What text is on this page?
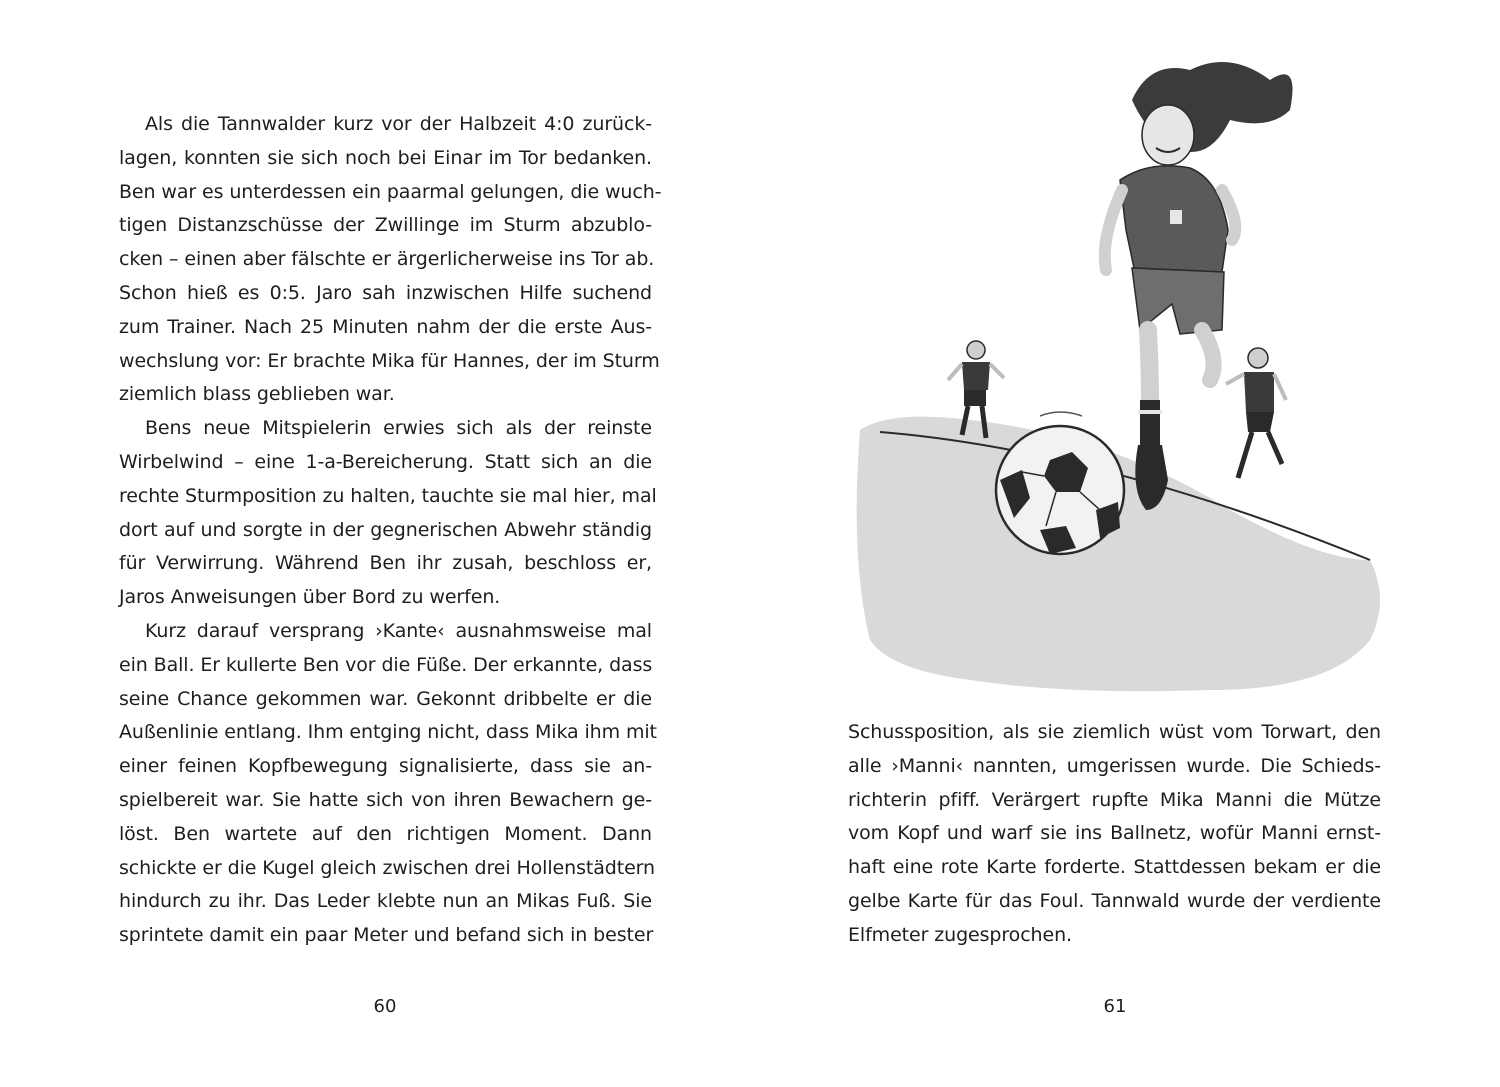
Als die Tannwalder kurz vor der Halbzeit 4:0 zurück-
lagen, konnten sie sich noch bei Einar im Tor bedanken.
Ben war es unterdessen ein paarmal gelungen, die wuch-
tigen Distanzschüsse der Zwillinge im Sturm abzublo-
cken – einen aber fälschte er ärgerlicherweise ins Tor ab.
Schon hieß es 0:5. Jaro sah inzwischen Hilfe suchend
zum Trainer. Nach 25 Minuten nahm der die erste Aus-
wechslung vor: Er brachte Mika für Hannes, der im Sturm
ziemlich blass geblieben war.
Bens neue Mitspielerin erwies sich als der reinste
Wirbelwind – eine 1-a-Bereicherung. Statt sich an die
rechte Sturmposition zu halten, tauchte sie mal hier, mal
dort auf und sorgte in der gegnerischen Abwehr ständig
für Verwirrung. Während Ben ihr zusah, beschloss er,
Jaros Anweisungen über Bord zu werfen.
Kurz darauf versprang ›Kante‹ ausnahmsweise mal
ein Ball. Er kullerte Ben vor die Füße. Der erkannte, dass
seine Chance gekommen war. Gekonnt dribbelte er die
Außenlinie entlang. Ihm entging nicht, dass Mika ihm mit
einer feinen Kopfbewegung signalisierte, dass sie an-
spielbereit war. Sie hatte sich von ihren Bewachern ge-
löst. Ben wartete auf den richtigen Moment. Dann
schickte er die Kugel gleich zwischen drei Hollenstädtern
hindurch zu ihr. Das Leder klebte nun an Mikas Fuß. Sie
sprintete damit ein paar Meter und befand sich in bester
60
Schussposition, als sie ziemlich wüst vom Torwart, den
alle ›Manni‹ nannten, umgerissen wurde. Die Schieds-
richterin pfiff. Verärgert rupfte Mika Manni die Mütze
vom Kopf und warf sie ins Ballnetz, wofür Manni ernst-
haft eine rote Karte forderte. Stattdessen bekam er die
gelbe Karte für das Foul. Tannwald wurde der verdiente
Elfmeter zugesprochen.
61
